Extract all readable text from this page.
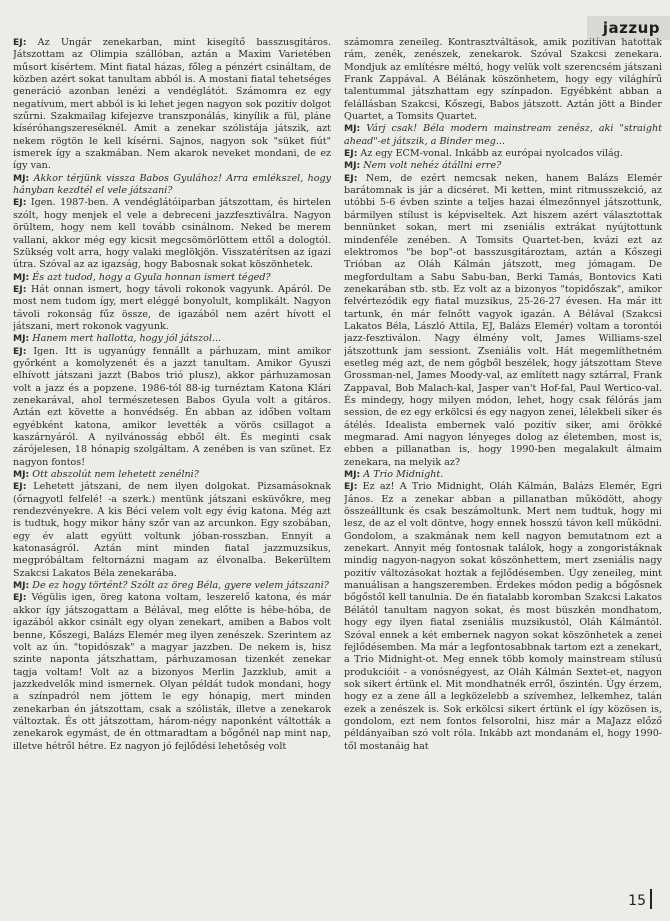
jazzup

EJ: Az Ungár zenekarban, mint kisegítő basszusgitáros. Játszottam az Olimpia szállóban, aztán a Maxim Varietében műsort kísértem. Mint fiatal házas, főleg a pénzért csináltam, de közben azért sokat tanultam abból is. A mostani fiatal tehetséges generáció azonban lenézi a vendéglátót. Számomra ez egy negatívum, mert abból is ki lehet jegen nagyon sok pozitív dolgot szűrni. Szakmailag kifejezve transzponálás, kinyílik a fül, pláne kíséróhangszereséknél. Amit a zenekar szólistája játszik, azt nekem rögtön le kell kísérni. Sajnos, nagyon sok "süket fiút" ismerek így a szakmában. Nem akarok neveket mondani, de ez így van.

MJ: Akkor térjünk vissza Babos Gyulához! Arra emlékszel, hogy hányban kezdtél el vele játszani?

EJ: Igen. 1987-ben. A vendéglátóiparban játszottam, és hirtelen szólt, hogy menjek el vele a debreceni jazzfesztiválra. Nagyon örültem, hogy nem kell tovább csinálnom. Neked be merem vallani, akkor még egy kicsit megcsömörlöttem ettől a dologtól. Szükség volt arra, hogy valaki meglökjön. Visszatérítsen az igazi útra. Szóval az az igazság, hogy Babosnak sokat köszönhetek.

MJ: És azt tudod, hogy a Gyula honnan ismert téged?

EJ: Hát onnan ismert, hogy távoli rokonok vagyunk. Apáról. De most nem tudom így, mert eléggé bonyolult, komplikált. Nagyon távoli rokonság fűz össze, de igazából nem azért hívott el játszani, mert rokonok vagyunk.

MJ: Hanem mert hallotta, hogy jól játszol...

EJ: Igen. Itt is ugyanúgy fennállt a párhuzam, mint amikor győrként a komolyzenét és a jazzt tanultam. Amikor Gyuszi elhívott játszani jazzt (Babos trió plusz), akkor párhuzamosan volt a jazz és a popzene. 1986-tól 88-ig turnéztam Katona Klári zenekarával, ahol természetesen Babos Gyula volt a gitáros. Aztán ezt követte a honvédség. Én abban az időben voltam egyébként katona, amikor levették a vörös csillagot a kaszárnyáról. A nyilvánosság ebből élt. És meginti csak zárójelesen, 18 hónapig szolgáltam. A zenében is van szünet. Ez nagyon fontos!

MJ: Ott abszolút nem lehetett zenélni?

EJ: Lehetett játszani, de nem ilyen dolgokat. Pizsamásoknak (őrnagyotl felfelé! -a szerk.) mentünk játszani esküvőkre, meg rendezvényekre. A kis Béci velem volt egy évig katona. Még azt is tudtuk, hogy mikor hány szőr van az arcunkon. Egy szobában, egy év alatt együtt voltunk jóban-rosszban. Ennyit a katonaságról. Aztán mint minden fiatal jazzmuzsikus, megpróbáltam feltornázni magam az élvonalba. Bekerültem Szakcsi Lakatos Béla zenekarába.

MJ: De ez hogy történt? Szólt az öreg Béla, gyere velem játszani?

EJ: Végülis igen, öreg katona voltam, leszerelő katona, és már akkor így játszogattam a Bélával, meg előtte is hébe-hóba, de igazából akkor csinált egy olyan zenekart, amiben a Babos volt benne, Kőszegi, Balázs Elemér meg ilyen zenészek. Szerintem az volt az ún. "topidószak" a magyar jazzben. De nekem is, hisz szinte naponta játszhattam, párhuzamosan tizenkét zenekar tagja voltam! Volt az a bizonyos Merlin Jazzklub, amit a jazzkedvelők mind ismernek. Olyan példát tudok mondani, hogy a színpadról nem jöttem le egy hónapig, mert minden zenekarban én játszottam, csak a szólisták, illetve a zenekarok változtak. És ott játszottam, három-négy naponként váltották a zenekarok egymást, de én ottmaradtam a bőgőnél nap mint nap, illetve hétről hétre. Ez nagyon jó fejlődési lehetőség volt

számomra zeneileg. Kontrasztváltások, amik pozitívan hatottak rám, zenék, zenészek, zenekarok. Szóval Szakcsi zenekara. Mondjuk az említésre méltó, hogy velük volt szerencsém játszani Frank Zappával. A Bélának köszönhetem, hogy egy világhírű talentummal játszhattam egy színpadon. Egyébként abban a felállásban Szakcsi, Kőszegi, Babos játszott. Aztán jött a Binder Quartet, a Tomsits Quartet.

MJ: Várj csak! Béla modern mainstream zenész, aki "straight ahead"-et játszik, a Binder meg...

EJ: Az egy ECM-vonal. Inkább az európai nyolcados világ.

MJ: Nem volt nehéz átállni erre?

EJ: Nem, de ezért nemcsak neken, hanem Balázs Elemér barátomnak is jár a dicséret. Mi ketten, mint ritmusszekció, az utóbbi 5-6 évben szinte a teljes hazai élmezőnnyel játszottunk, bármilyen stílust is képviseltek. Azt hiszem azért választottak bennünket sokan, mert mi zseniális extrákat nyújtottunk mindenféle zenében. A Tomsits Quartet-ben, kvázi ezt az elektromos "be bop"-ot basszusgitároztam, aztán a Kőszegi Trióban az Oláh Kálmán játszott, meg jómagam. De megfordultam a Sabu Sabu-ban, Berki Tamás, Bontovics Kati zenekarában stb. stb. Ez volt az a bizonyos "topidőszak", amikor felvértezódik egy fiatal muzsikus, 25-26-27 évesen. Ha már itt tartunk, én már felnőtt vagyok igazán. A Bélával (Szakcsi Lakatos Béla, László Attila, EJ, Balázs Elemér) voltam a torontói jazz-fesztiválon. Nagy élmény volt, James Williams-szel játszottunk jam sessiont. Zseniális volt. Hát megemlíthetném esetleg még azt, de nem gőgből beszélek, hogy játszottam Steve Grossman-nel, James Moody-val, az említett nagy sztárral, Frank Zappaval, Bob Malach-kal, Jasper van't Hof-fal, Paul Wertico-val. És mindegy, hogy milyen módon, lehet, hogy csak félórás jam session, de ez egy erkölcsi és egy nagyon zenei, lélekbeli siker és átélés. Idealista embernek való pozitív siker, ami örökké megmarad. Ami nagyon lényeges dolog az életemben, most is, ebben a pillanatban is, hogy 1990-ben megalakult álmaim zenekara, na melyik az?

MJ: A Trio Midnight.

EJ: Ez az! A Trio Midnight, Oláh Kálmán, Balázs Elemér, Egri János. Ez a zenekar abban a pillanatban működött, ahogy összeálltunk és csak beszámoltunk. Mert nem tudtuk, hogy mi lesz, de az el volt döntve, hogy ennek hosszú távon kell működni. Gondolom, a szakmának nem kell nagyon bemutatnom ezt a zenekart. Annyit még fontosnak találok, hogy a zongoristáknak mindig nagyon-nagyon sokat köszönhettem, mert zseniális nagy pozitív változásokat hoztak a fejlődésemben. Úgy zeneileg, mint manuálisan a hangszeremben. Érdekes módon pedig a bőgősnek bőgőstől kell tanulnia. De én fiatalabb koromban Szakcsi Lakatos Bélától tanultam nagyon sokat, és most büszkén mondhatom, hogy egy ilyen fiatal zseniális muzsikustól, Oláh Kálmántól. Szóval ennek a két embernek nagyon sokat köszönhetek a zenei fejlődésemben. Ma már a legfontosabbnak tartom ezt a zenekart, a Trio Midnight-ot. Meg ennek több komoly mainstream stílusú produkcióit - a vonósnégyest, az Oláh Kálmán Sextet-et, nagyon sok sikert értünk el. Mit mondhatnék erről, őszintén. Úgy érzem, hogy ez a zene áll a legközelebb a szívemhez, lelkemhez, talán ezek a zenészek is. Sok erkölcsi sikert értünk el így közösen is, gondolom, ezt nem fontos felsorolni, hisz már a MaJazz előző példányaiban szó volt róla. Inkább azt mondanám el, hogy 1990-től mostanáig hat

15
